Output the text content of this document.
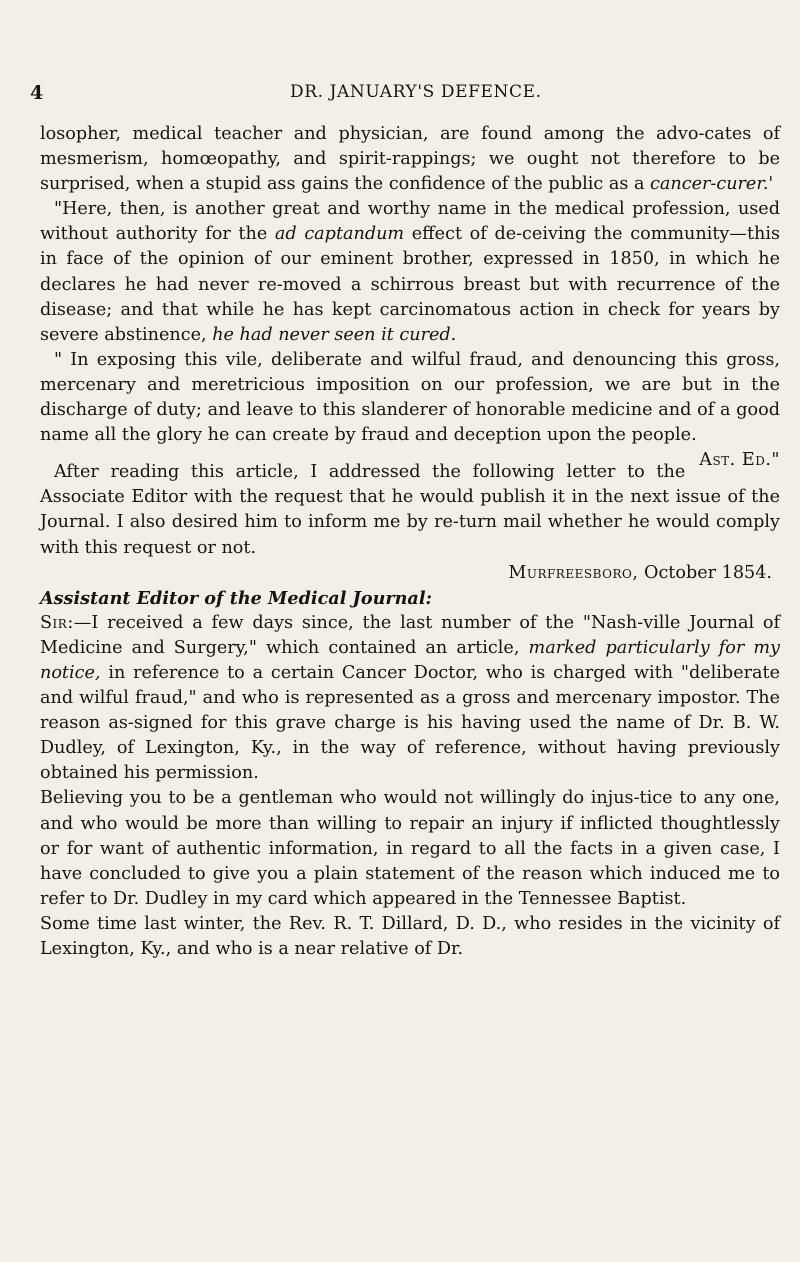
4	DR. JANUARY'S DEFENCE.

losopher, medical teacher and physician, are found among the advo-cates of mesmerism, homœopathy, and spirit-rappings; we ought not therefore to be surprised, when a stupid ass gains the confidence of the public as a cancer-curer.'

"Here, then, is another great and worthy name in the medical profession, used without authority for the ad captandum effect of de-ceiving the community—this in face of the opinion of our eminent brother, expressed in 1850, in which he declares he had never re-moved a schirrous breast but with recurrence of the disease; and that while he has kept carcinomatous action in check for years by severe abstinence, he had never seen it cured.

" In exposing this vile, deliberate and wilful fraud, and denouncing this gross, mercenary and meretricious imposition on our profession, we are but in the discharge of duty; and leave to this slanderer of honorable medicine and of a good name all the glory he can create by fraud and deception upon the people.
Ast. Ed."

After reading this article, I addressed the following letter to the Associate Editor with the request that he would publish it in the next issue of the Journal. I also desired him to inform me by re-turn mail whether he would comply with this request or not.

Murfreesboro, October 1854.

Assistant Editor of the Medical Journal:

Sir:—I received a few days since, the last number of the "Nash-ville Journal of Medicine and Surgery," which contained an article, marked particularly for my notice, in reference to a certain Cancer Doctor, who is charged with "deliberate and wilful fraud," and who is represented as a gross and mercenary impostor. The reason as-signed for this grave charge is his having used the name of Dr. B. W. Dudley, of Lexington, Ky., in the way of reference, without having previously obtained his permission.

Believing you to be a gentleman who would not willingly do injus-tice to any one, and who would be more than willing to repair an injury if inflicted thoughtlessly or for want of authentic information, in regard to all the facts in a given case, I have concluded to give you a plain statement of the reason which induced me to refer to Dr. Dudley in my card which appeared in the Tennessee Baptist.

Some time last winter, the Rev. R. T. Dillard, D. D., who resides in the vicinity of Lexington, Ky., and who is a near relative of Dr.
